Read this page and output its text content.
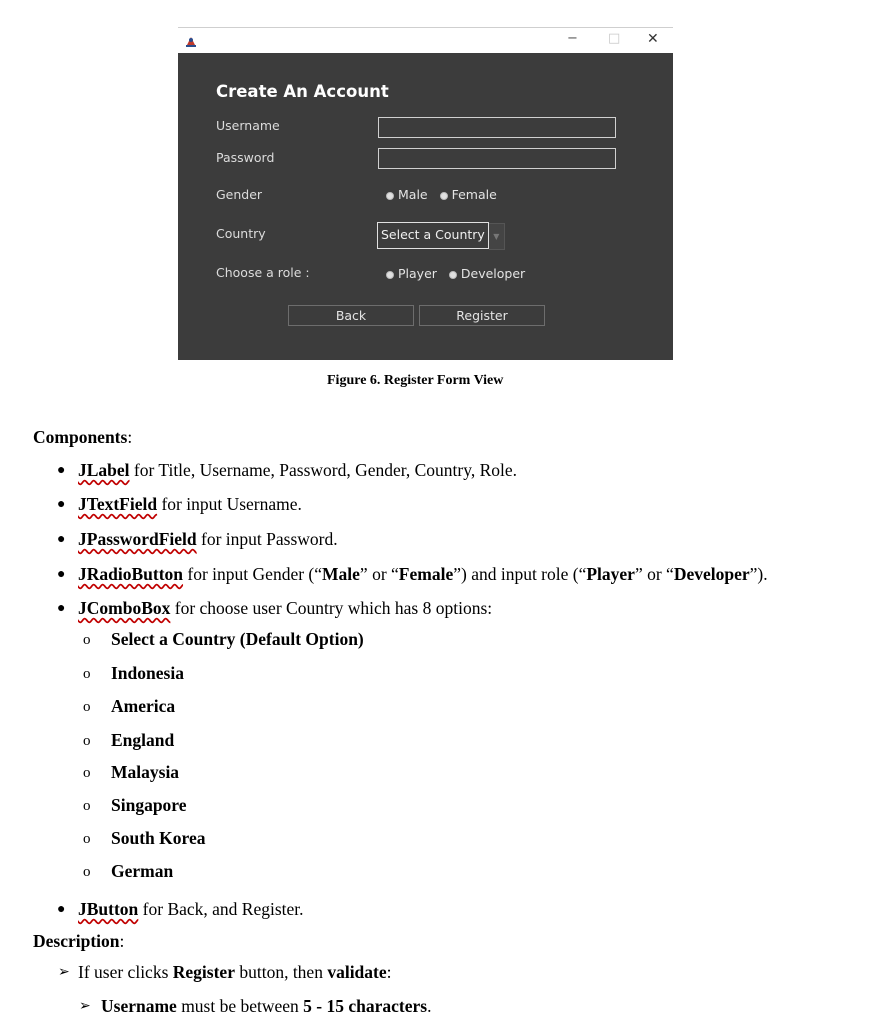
− □ ✕
Create An Account
Username
Password
Gender	Male Female
Country	Select a Country	▼
Choose a role :	Player Developer
Back	Register
Figure 6. Register Form View
Components:
● JLabel for Title, Username, Password, Gender, Country, Role.
● JTextField for input Username.
● JPasswordField for input Password.
● JRadioButton for input Gender (“Male” or “Female”) and input role (“Player” or “Developer”).
● JComboBox for choose user Country which has 8 options:
o Select a Country (Default Option)
o Indonesia
o America
o England
o Malaysia
o Singapore
o South Korea
o German
● JButton for Back, and Register.
Description:
➢ If user clicks Register button, then validate:
➢ Username must be between 5 - 15 characters.
